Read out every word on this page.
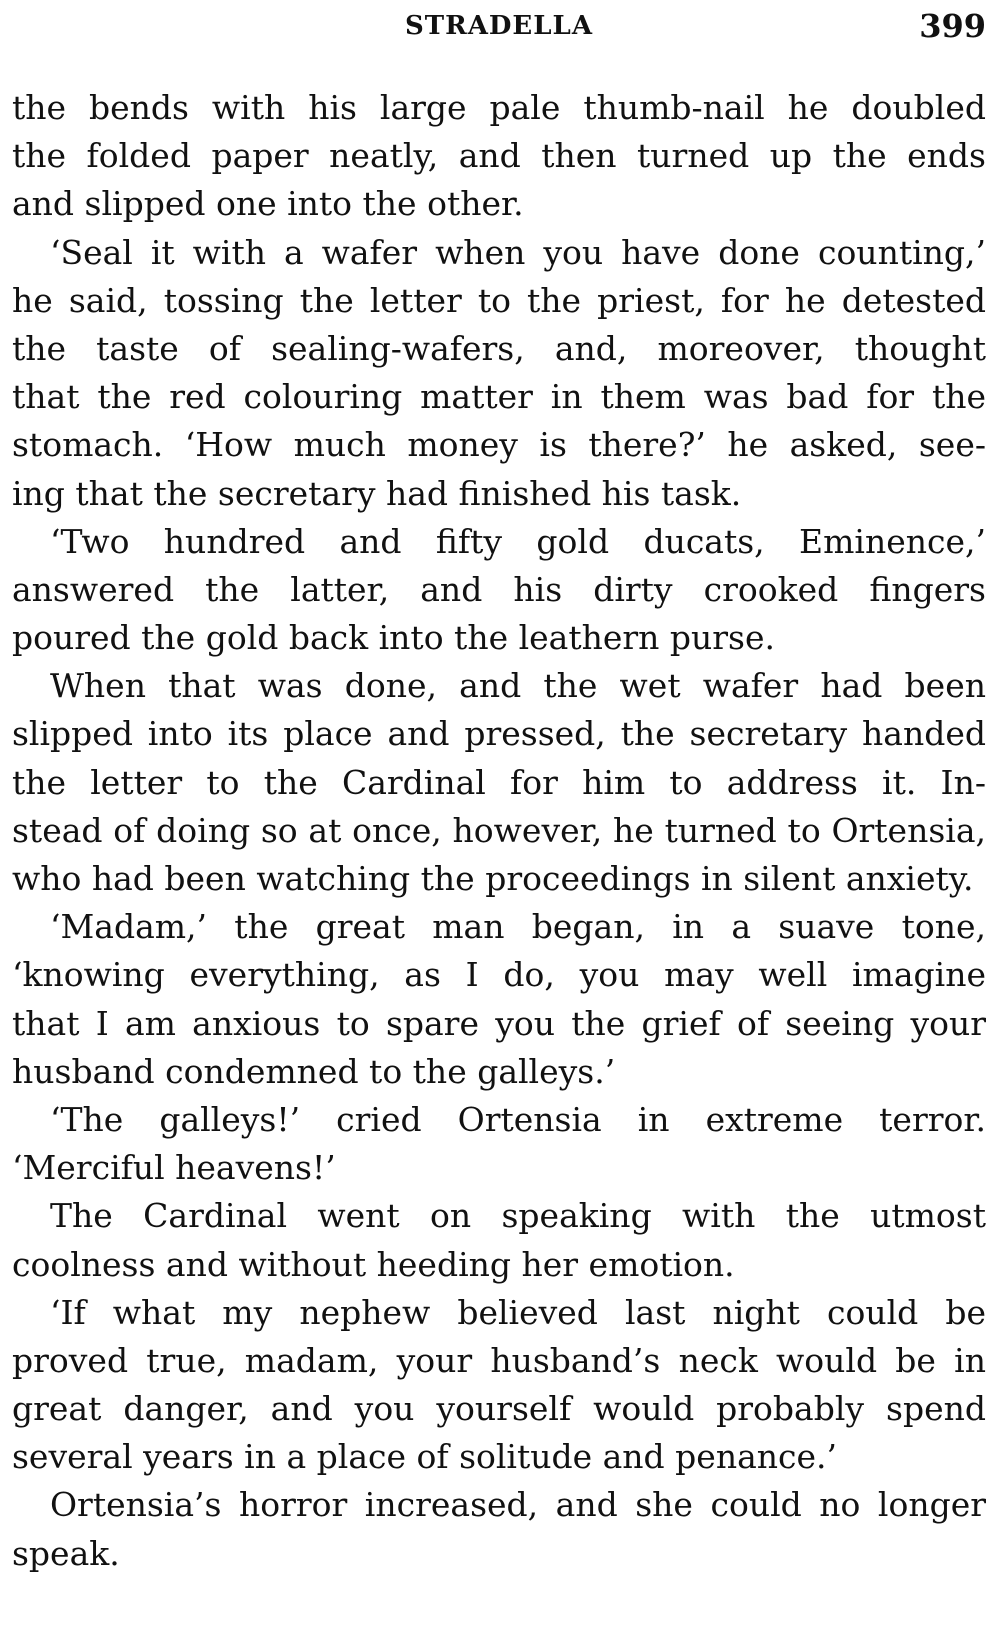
STRADELLA	399
the bends with his large pale thumb-nail he doubled
the folded paper neatly, and then turned up the ends
and slipped one into the other.
‘Seal it with a wafer when you have done counting,’
he said, tossing the letter to the priest, for he detested
the taste of sealing-wafers, and, moreover, thought
that the red colouring matter in them was bad for the
stomach. ‘How much money is there?’ he asked, see-
ing that the secretary had finished his task.
‘Two hundred and fifty gold ducats, Eminence,’
answered the latter, and his dirty crooked fingers
poured the gold back into the leathern purse.
When that was done, and the wet wafer had been
slipped into its place and pressed, the secretary handed
the letter to the Cardinal for him to address it. In-
stead of doing so at once, however, he turned to Ortensia,
who had been watching the proceedings in silent anxiety.
‘Madam,’ the great man began, in a suave tone,
‘knowing everything, as I do, you may well imagine
that I am anxious to spare you the grief of seeing your
husband condemned to the galleys.’
‘The galleys!’ cried Ortensia in extreme terror.
‘Merciful heavens!’
The Cardinal went on speaking with the utmost
coolness and without heeding her emotion.
‘If what my nephew believed last night could be
proved true, madam, your husband’s neck would be in
great danger, and you yourself would probably spend
several years in a place of solitude and penance.’
Ortensia’s horror increased, and she could no longer
speak.
